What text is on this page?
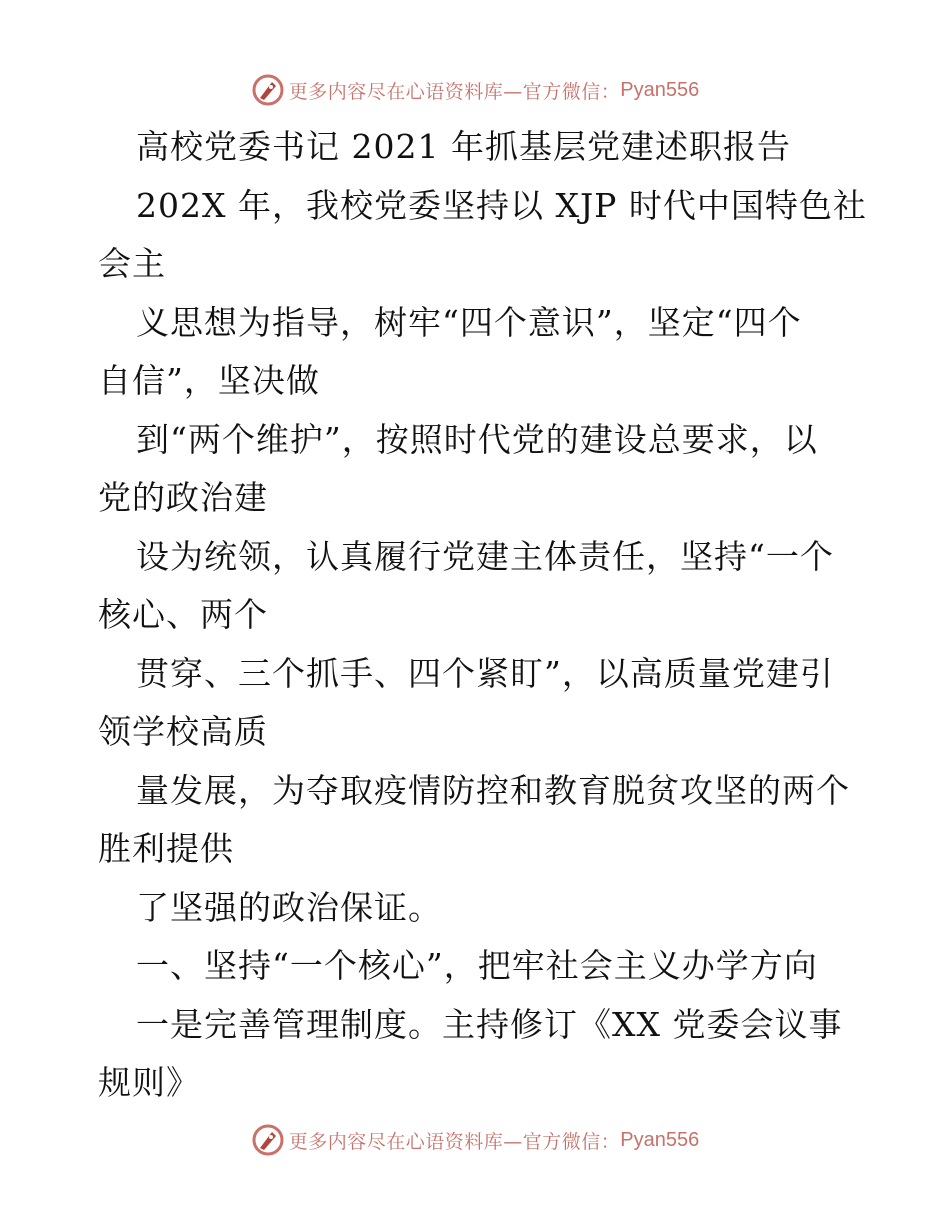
更多内容尽在心语资料库—官方微信： Pyan556
高校党委书记 2021 年抓基层党建述职报告
202X 年，我校党委坚持以 XJP 时代中国特色社
会主
义思想为指导，树牢“四个意识”，坚定“四个
自信”，坚决做
到“两个维护”，按照时代党的建设总要求，以
党的政治建
设为统领，认真履行党建主体责任，坚持“一个
核心、两个
贯穿、三个抓手、四个紧盯”，以高质量党建引
领学校高质
量发展，为夺取疫情防控和教育脱贫攻坚的两个
胜利提供
了坚强的政治保证。
一、坚持“一个核心”，把牢社会主义办学方向
一是完善管理制度。主持修订《XX 党委会议事
规则》
更多内容尽在心语资料库—官方微信： Pyan556
